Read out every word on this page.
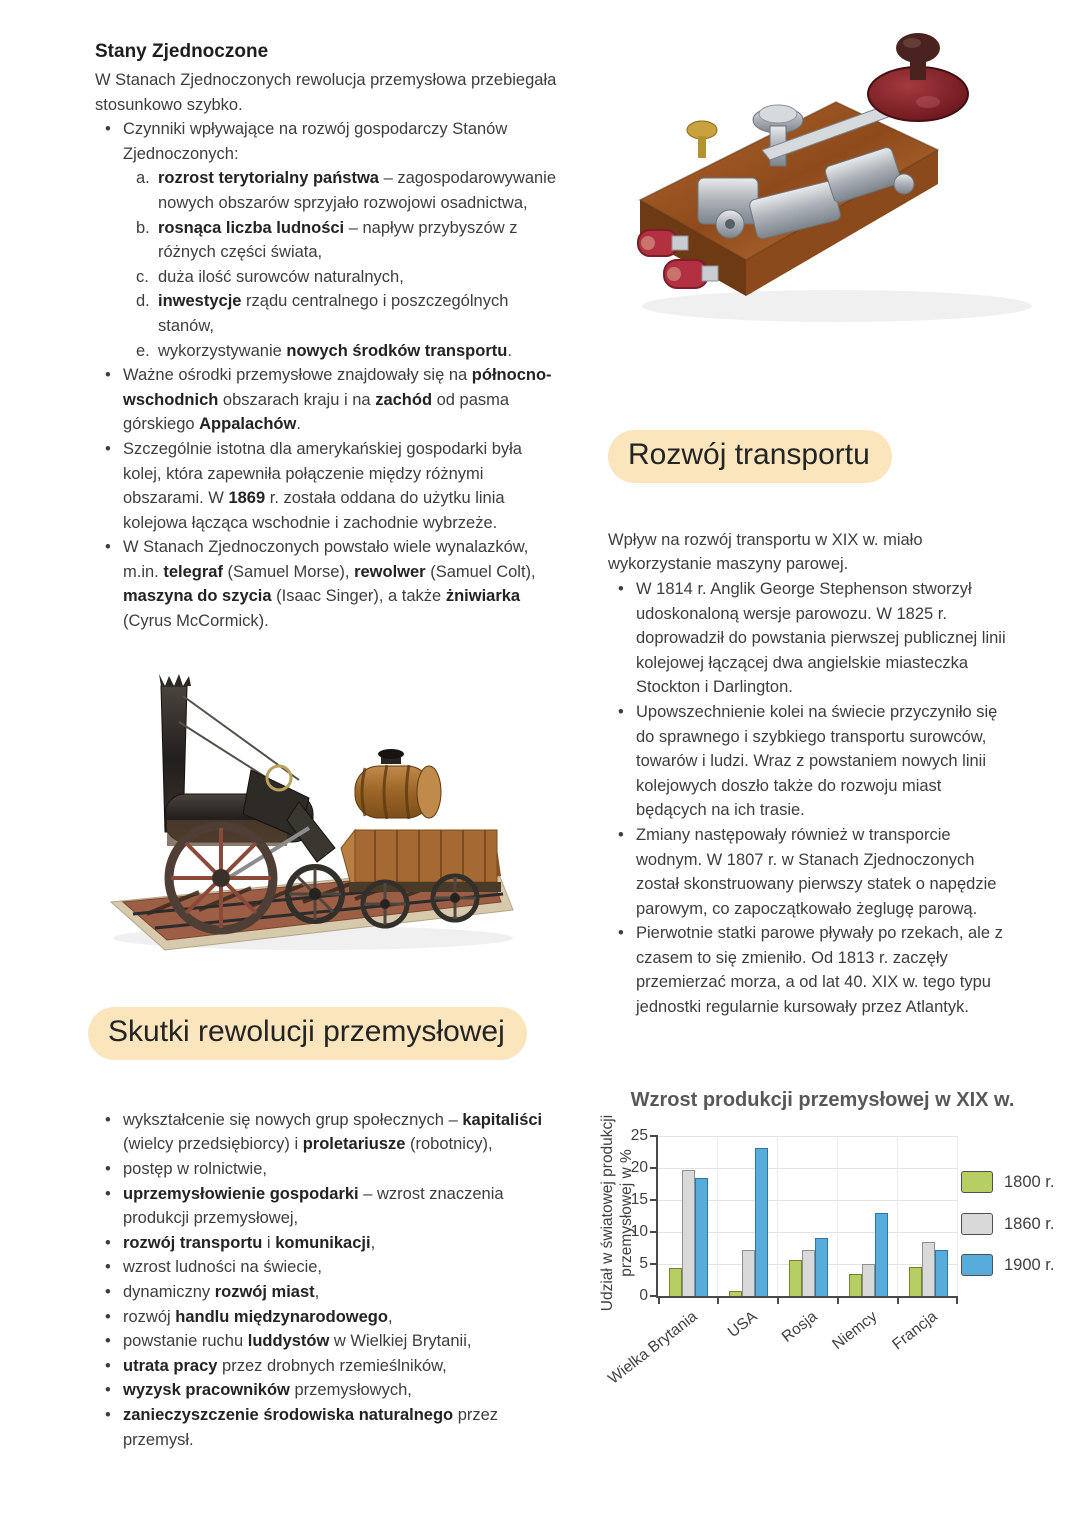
Stany Zjednoczone

W Stanach Zjednoczonych rewolucja przemysłowa przebiegała stosunkowo szybko.

• Czynniki wpływające na rozwój gospodarczy Stanów Zjednoczonych:
a. rozrost terytorialny państwa – zagospodarowywanie nowych obszarów sprzyjało rozwojowi osadnictwa,
b. rosnąca liczba ludności – napływ przybyszów z różnych części świata,
c. duża ilość surowców naturalnych,
d. inwestycje rządu centralnego i poszczególnych stanów,
e. wykorzystywanie nowych środków transportu.
• Ważne ośrodki przemysłowe znajdowały się na północno-wschodnich obszarach kraju i na zachód od pasma górskiego Appalachów.
• Szczególnie istotna dla amerykańskiej gospodarki była kolej, która zapewniła połączenie między różnymi obszarami. W 1869 r. została oddana do użytku linia kolejowa łącząca wschodnie i zachodnie wybrzeże.
• W Stanach Zjednoczonych powstało wiele wynalazków, m.in. telegraf (Samuel Morse), rewolwer (Samuel Colt), maszyna do szycia (Isaac Singer), a także żniwiarka (Cyrus McCormick).
Rozwój transportu

Wpływ na rozwój transportu w XIX w. miało wykorzystanie maszyny parowej.

• W 1814 r. Anglik George Stephenson stworzył udoskonaloną wersje parowozu. W 1825 r. doprowadził do powstania pierwszej publicznej linii kolejowej łączącej dwa angielskie miasteczka Stockton i Darlington.
• Upowszechnienie kolei na świecie przyczyniło się do sprawnego i szybkiego transportu surowców, towarów i ludzi. Wraz z powstaniem nowych linii kolejowych doszło także do rozwoju miast będących na ich trasie.
• Zmiany następowały również w transporcie wodnym. W 1807 r. w Stanach Zjednoczonych został skonstruowany pierwszy statek o napędzie parowym, co zapoczątkowało żeglugę parową.
• Pierwotnie statki parowe pływały po rzekach, ale z czasem to się zmieniło. Od 1813 r. zaczęły przemierzać morza, a od lat 40. XIX w. tego typu jednostki regularnie kursowały przez Atlantyk.
Skutki rewolucji przemysłowej
• wykształcenie się nowych grup społecznych – kapitaliści (wielcy przedsiębiorcy) i proletariusze (robotnicy),
• postęp w rolnictwie,
• uprzemysłowienie gospodarki – wzrost znaczenia produkcji przemysłowej,
• rozwój transportu i komunikacji,
• wzrost ludności na świecie,
• dynamiczny rozwój miast,
• rozwój handlu międzynarodowego,
• powstanie ruchu luddystów w Wielkiej Brytanii,
• utrata pracy przez drobnych rzemieślników,
• wyzysk pracowników przemysłowych,
• zanieczyszczenie środowiska naturalnego przez przemysł.

Wzrost produkcji przemysłowej w XIX w.

Udział w światowej produkcji przemysłowej w %
0
5
10
15
20
25
Wielka Brytania	USA	Rosja Niemcy Francja
1800 r.
1860 r.
1900 r.
